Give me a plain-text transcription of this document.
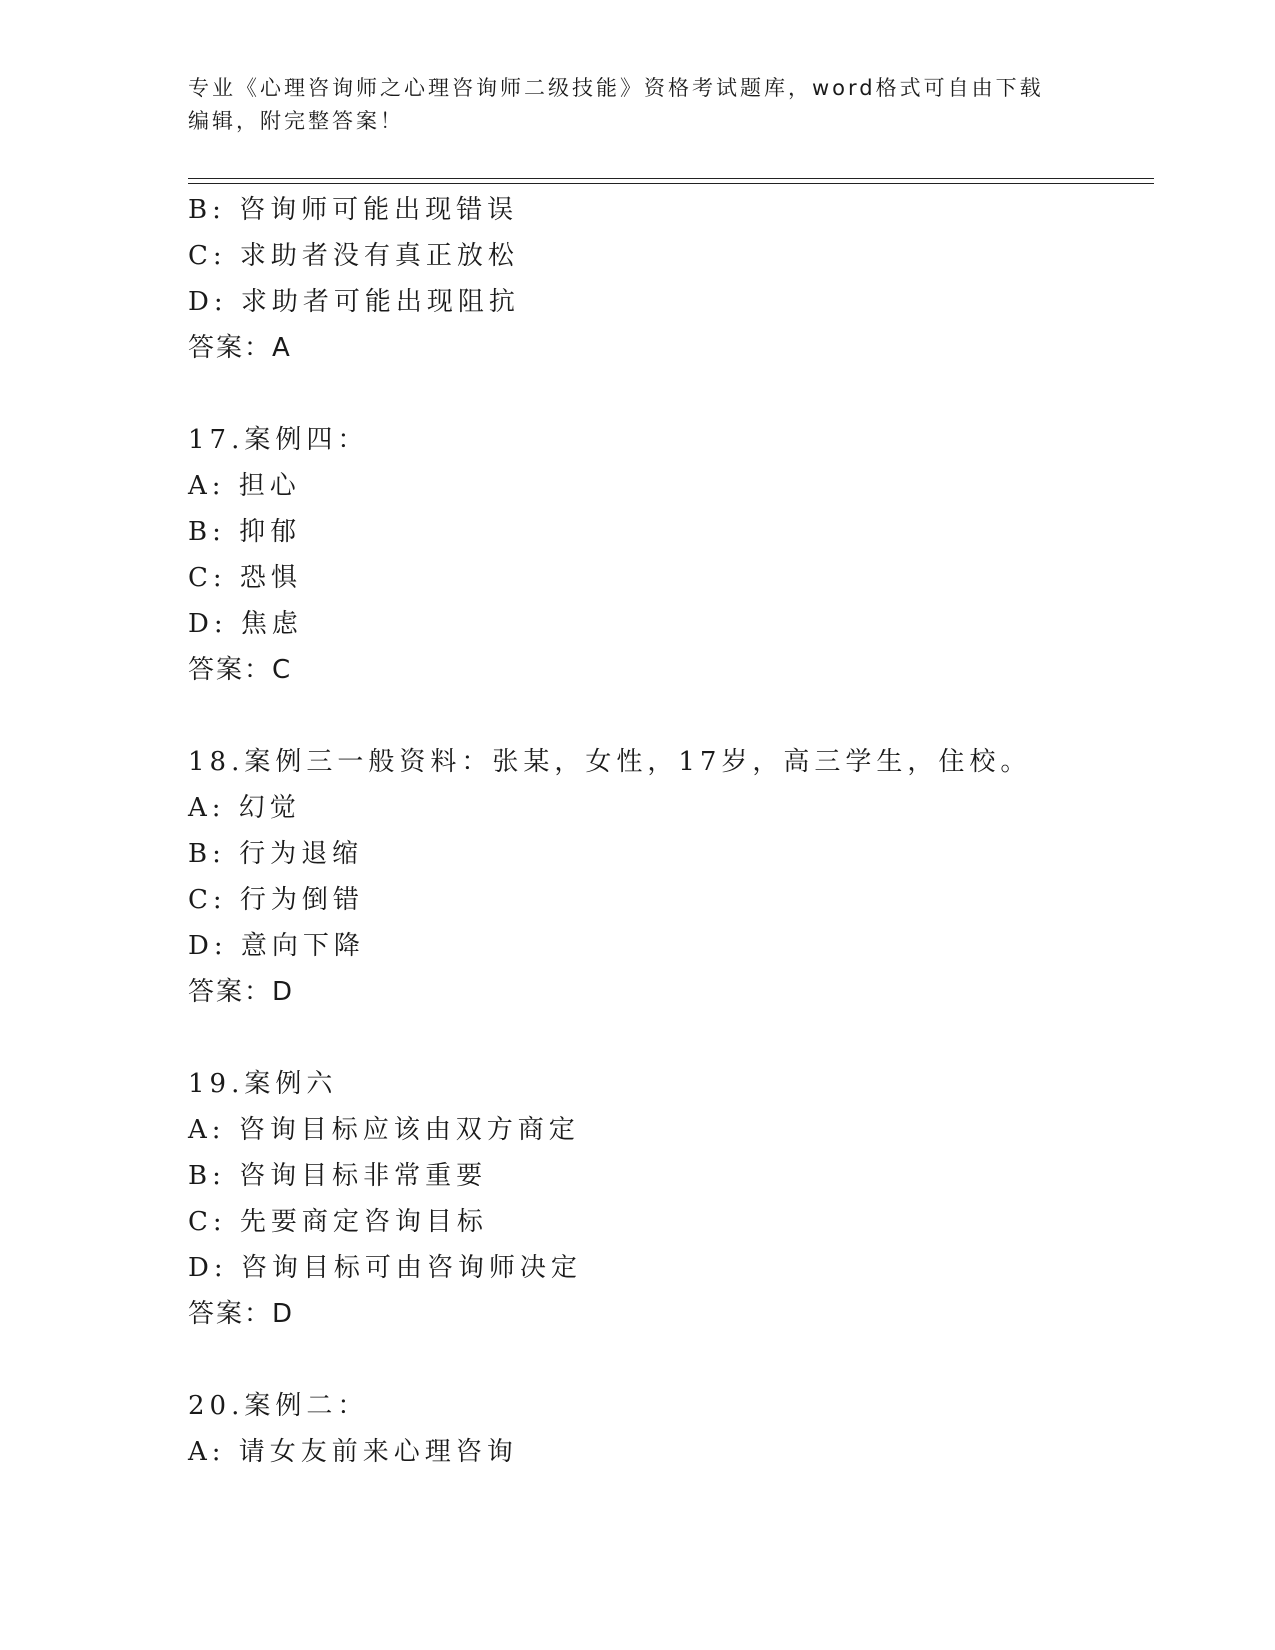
专业《心理咨询师之心理咨询师二级技能》资格考试题库，word格式可自由下载
编辑，附完整答案！
B: 咨询师可能出现错误
C: 求助者没有真正放松
D: 求助者可能出现阻抗
答案：A
17.案例四：
A: 担心
B: 抑郁
C: 恐惧
D: 焦虑
答案：C
18.案例三一般资料：张某，女性，17岁，高三学生，住校。
A: 幻觉
B: 行为退缩
C: 行为倒错
D: 意向下降
答案：D
19.案例六
A: 咨询目标应该由双方商定
B: 咨询目标非常重要
C: 先要商定咨询目标
D: 咨询目标可由咨询师决定
答案：D
20.案例二：
A: 请女友前来心理咨询
